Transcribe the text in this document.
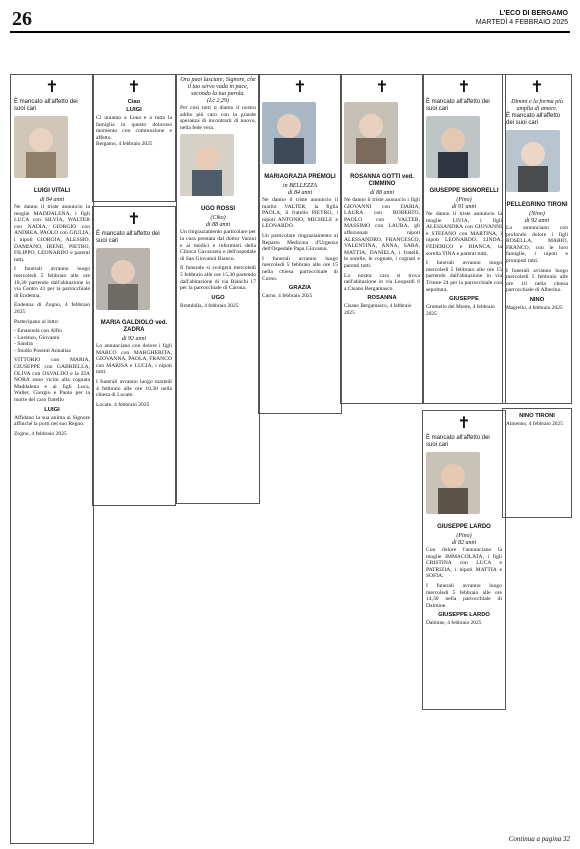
26	L'ECO DI BERGAMO
MARTEDÌ 4 FEBBRAIO 2025
✝
È mancato all'affetto dei suoi cari
LUIGI VITALI
di 84 anni

Ne danno il triste annuncio la moglie MADDALENA, i figli LUCA con SILVIA, WALTER con NADIA, GIORGIO con ANDREA, PAOLO con GIULIA, i nipoti GIORGIA, ALESSIO, DAMIANO, IRENE, PIETRO, FILIPPO, LEONARDO e parenti tutti.

I funerali avranno luogo mercoledì 5 febbraio alle ore 10,30 partendo dall'abitazione in via Centro 41 per la parrocchiale di Endenna.

Endenna di Zogno, 4 febbraio 2025

Partecipano al lutto:

- Emanuela con Alfio
- Lorenzo, Giovanni
- Sandra
- Studio Posenti Annalisa

VITTORIO con MARIA, GIUSEPPE con GABRIELLA, OLIVA con OSVALDO e la ZIA NORA sono vicini alla cognata Maddalena e ai figli Luca, Walter, Giorgio e Paolo per la morte del caro fratello

LUIGI

Affidano la sua anima ai Signore affinché la porti nel suo Regno.

Zogno, 4 febbraio 2025

✝
Ciao
LUIGI
Ci uniamo a Lena e a tutta la famiglia in questo doloroso momento con commozione e affetto.
Bergamo, 4 febbraio 2025
✝
È mancato all'affetto dei suoi cari
MARIA GALDIOLO ved. ZADRA
di 92 anni

Lo annunciano con dolore i figli MARCO con MARGHERITA, GIOVANNA, PAOLA, FRANCO con MARISA e LUCIA, i nipoti tutti.

I funerali avranno luogo martedì 4 febbraio alle ore 10,30 nella chiesa di Locate.

Locate, 4 febbraio 2025

Ora puoi lasciare, Signore, che il tuo servo vada in pace, secondo la tua parola.
(Lc 2,29)
Per così tutti ti diamo il nostro addio più caro con la grande speranza di incontrarti di nuovo, nella fede vera.
UGO ROSSI
(Ciko)
di 88 anni

Un ringraziamento particolare per la cura prestata dal dottor Vanini e ai medici e infermieri della Clinica Gavazzeni e dell'ospedale di San Giovanni Bianco.

Il funerale si svolgerà mercoledì 5 febbraio alle ore 15,30 partendo dall'abitazione di via Bianchi 17 per la parrocchiale di Carona.

UGO
Brembilla, 4 febbraio 2025
✝
MARIAGRAZIA PREMOLI
in BELLEZZA
di 84 anni

Ne danno il triste annuncio il marito VALTER, la figlia PAOLA, il fratello PIETRO, i nipoti ANTONIO, MICHELE e LEONARDO.

Un particolare ringraziamento al Reparto Medicina d'Urgenza dell'Ospedale Papa Giovanni.

I funerali avranno luogo mercoledì 5 febbraio alle ore 15 nella chiesa parrocchiale di Curno.

GRAZIA
Curno, 4 febbraio 2025
✝
ROSANNA GOTTI ved. CIMMINO
di 88 anni

Ne danno il triste annuncio i figli GIOVANNI con DARIA, LAURA con ROBERTO, PAOLO con VALTER, MASSIMO con LAURA, gli affezionati nipoti ALESSANDRO, FRANCESCO, VALENTINA, ANNA, SARA, MATTIA, DANIELA, i fratelli, le sorelle, le cognate, i cognati e parenti tutti.

La nostra cara si trova nell'abitazione in via Leopardi 6 a Cisano Bergamasco.

ROSANNA
Cisano Bergamasco, 4 febbraio 2025
✝
È mancato all'affetto dei suoi cari
GIUSEPPE SIGNORELLI
(Pino)
di 91 anni

Ne danno il triste annuncio la moglie LIVIA, i figli ALESSANDRA con GIOVANNI e STEFANO con MARTINA, i nipoti LEONARDO, LINDA, FEDERICO e BIANCA, la sorella TINA e parenti tutti.

I funerali avranno luogo mercoledì 5 febbraio alle ore 15 partendo dall'abitazione in via Trieste 24 per la parrocchiale con sepoltura.

GIUSEPPE
Grumello del Monte, 4 febbraio 2025
✝
Dimmi e la forma più amplia di amore.
È mancato all'affetto dei suoi cari
PELLEGRINO TIRONI
(Nino)
di 92 anni

Lo annunciano con profondo dolore i figli ROSELLA, MARIO, FRANCO, con le loro famiglie, i nipoti e pronipoti tutti.

I funerali avranno luogo mercoledì 5 febbraio alle ore 10 nella chiesa parrocchiale di Alberino.

NINO
Magrello, 4 febbraio 2025
NINO TIRONI
Almenno, 4 febbraio 2025
✝
È mancato all'affetto dei suoi cari
GIUSEPPE LARDO
(Pino)
di 82 anni

Con dolore l'annunciano la moglie IMMACOLATA, i figli CRISTINA con LUCA e PATRIZIA, i nipoti MATTIA e SOFIA.

I funerali avranno luogo mercoledì 5 febbraio alle ore 14,30 nella parrocchiale di Dalmine.

GIUSEPPE LARDO
Dalmine, 4 febbraio 2025
Continua a pagina 32
